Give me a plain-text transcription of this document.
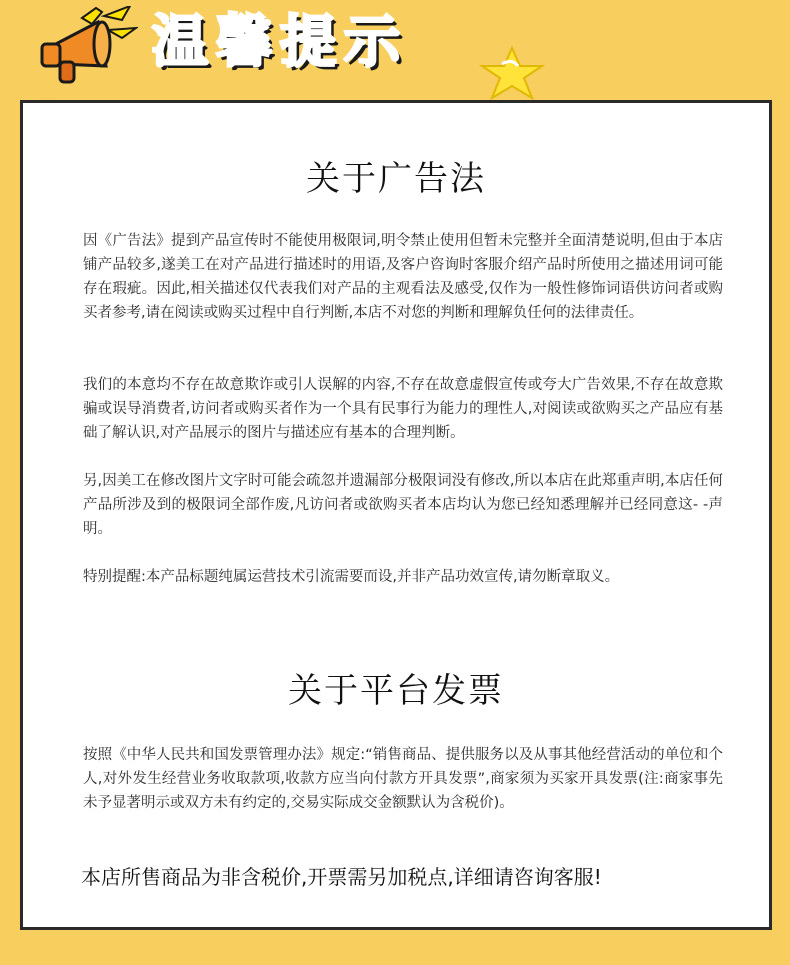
温 馨 提 示
关于广告法

因《广告法》提到产品宣传时不能使用极限词,明令禁止使用但暂未完整并全面清楚说明,但由于本店铺产品较多,遂美工在对产品进行描述时的用语,及客户咨询时客服介绍产品时所使用之描述用词可能存在瑕疵。因此,相关描述仅代表我们对产品的主观看法及感受,仅作为一般性修饰词语供访问者或购买者参考,请在阅读或购买过程中自行判断,本店不对您的判断和理解负任何的法律责任。

我们的本意均不存在故意欺诈或引人误解的内容,不存在故意虚假宣传或夸大广告效果,不存在故意欺骗或误导消费者,访问者或购买者作为一个具有民事行为能力的理性人,对阅读或欲购买之产品应有基础了解认识,对产品展示的图片与描述应有基本的合理判断。

另,因美工在修改图片文字时可能会疏忽并遗漏部分极限词没有修改,所以本店在此郑重声明,本店任何产品所涉及到的极限词全部作废,凡访问者或欲购买者本店均认为您已经知悉理解并已经同意这- -声明。

特别提醒:本产品标题纯属运营技术引流需要而设,并非产品功效宣传,请勿断章取义。

关于平台发票

按照《中华人民共和国发票管理办法》规定:“销售商品、提供服务以及从事其他经营活动的单位和个人,对外发生经营业务收取款项,收款方应当向付款方开具发票”,商家须为买家开具发票(注:商家事先未予显著明示或双方未有约定的,交易实际成交金额默认为含税价)。

本店所售商品为非含税价,开票需另加税点,详细请咨询客服!
